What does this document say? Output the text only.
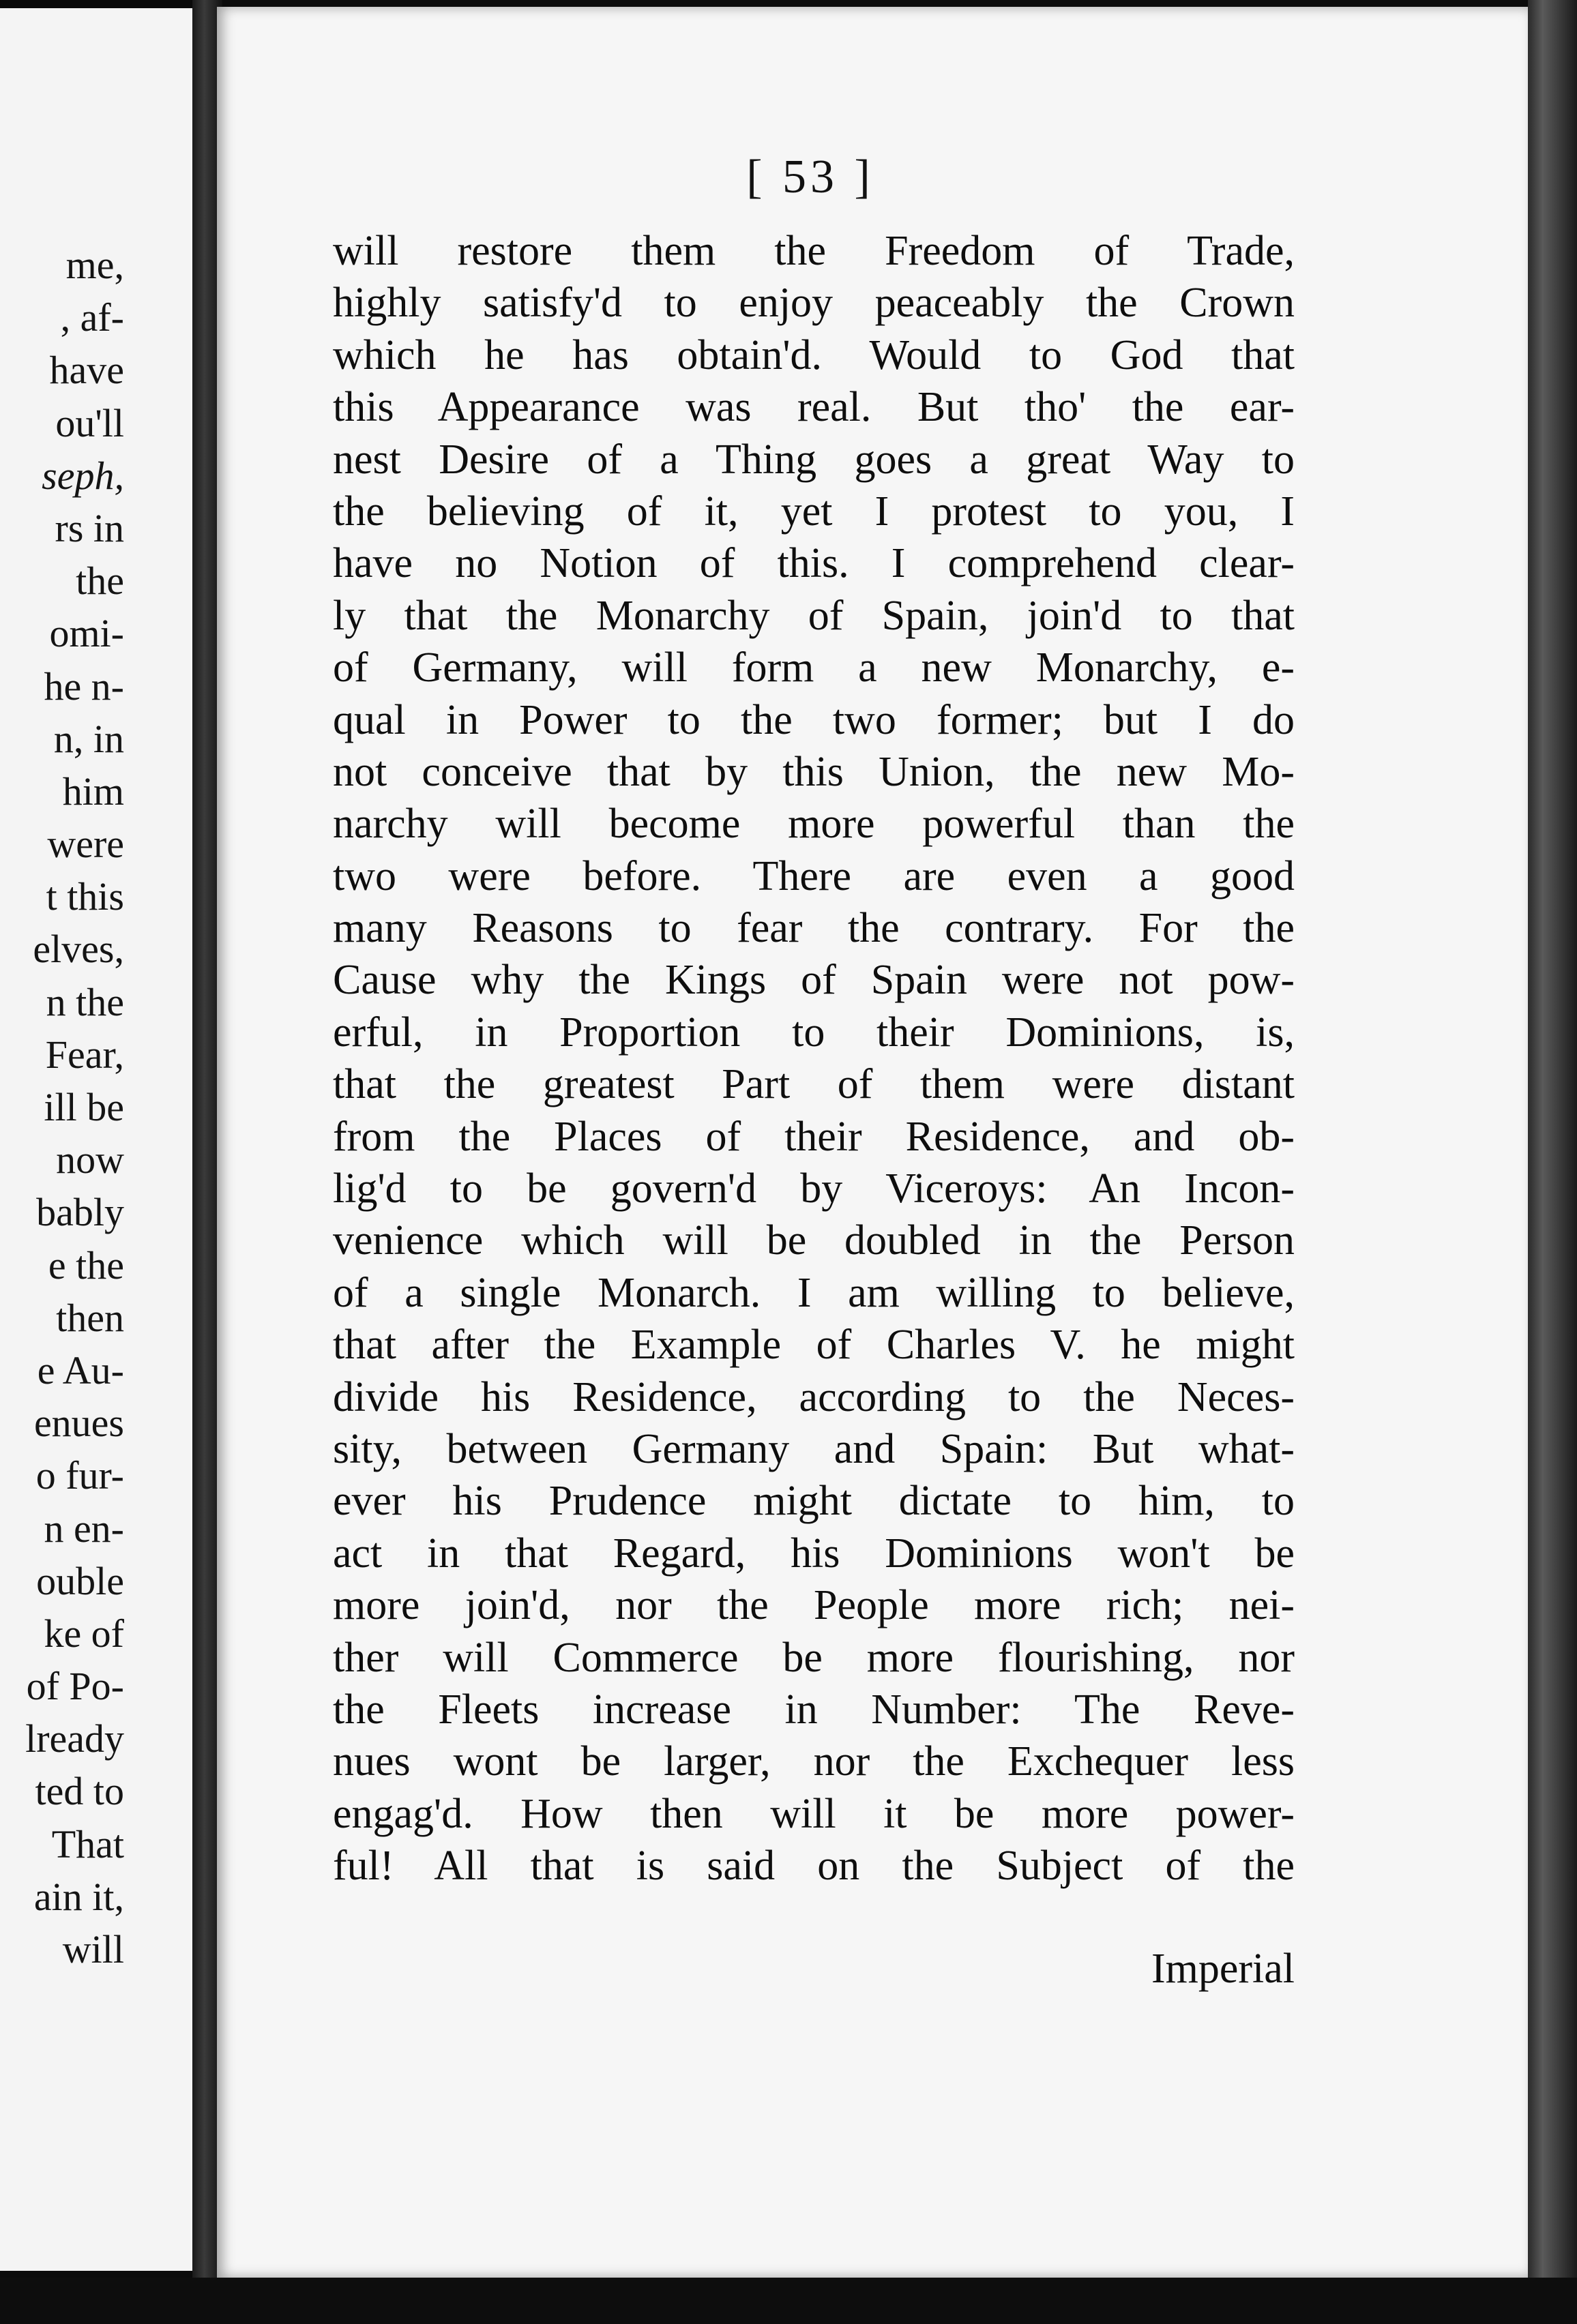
me,
, af-
have
ou'll
seph,
rs in
the
omi-
he n-
n, in
him
were
t this
elves,
n the
Fear,
ill be
now
bably
e the
then
e Au-
enues
o fur-
n en-
ouble
ke of
of Po-
lready
ted to
That
ain it,
will
[ 53 ]
will restore them the Freedom of Trade,
highly satisfy'd to enjoy peaceably the Crown
which he has obtain'd. Would to God that
this Appearance was real. But tho' the ear-
nest Desire of a Thing goes a great Way to
the believing of it, yet I protest to you, I
have no Notion of this. I comprehend clear-
ly that the Monarchy of Spain, join'd to that
of Germany, will form a new Monarchy, e-
qual in Power to the two former; but I do
not conceive that by this Union, the new Mo-
narchy will become more powerful than the
two were before. There are even a good
many Reasons to fear the contrary. For the
Cause why the Kings of Spain were not pow-
erful, in Proportion to their Dominions, is,
that the greatest Part of them were distant
from the Places of their Residence, and ob-
lig'd to be govern'd by Viceroys: An Incon-
venience which will be doubled in the Person
of a single Monarch. I am willing to believe,
that after the Example of Charles V. he might
divide his Residence, according to the Neces-
sity, between Germany and Spain: But what-
ever his Prudence might dictate to him, to
act in that Regard, his Dominions won't be
more join'd, nor the People more rich; nei-
ther will Commerce be more flourishing, nor
the Fleets increase in Number: The Reve-
nues wont be larger, nor the Exchequer less
engag'd. How then will it be more power-
ful! All that is said on the Subject of the
Imperial
